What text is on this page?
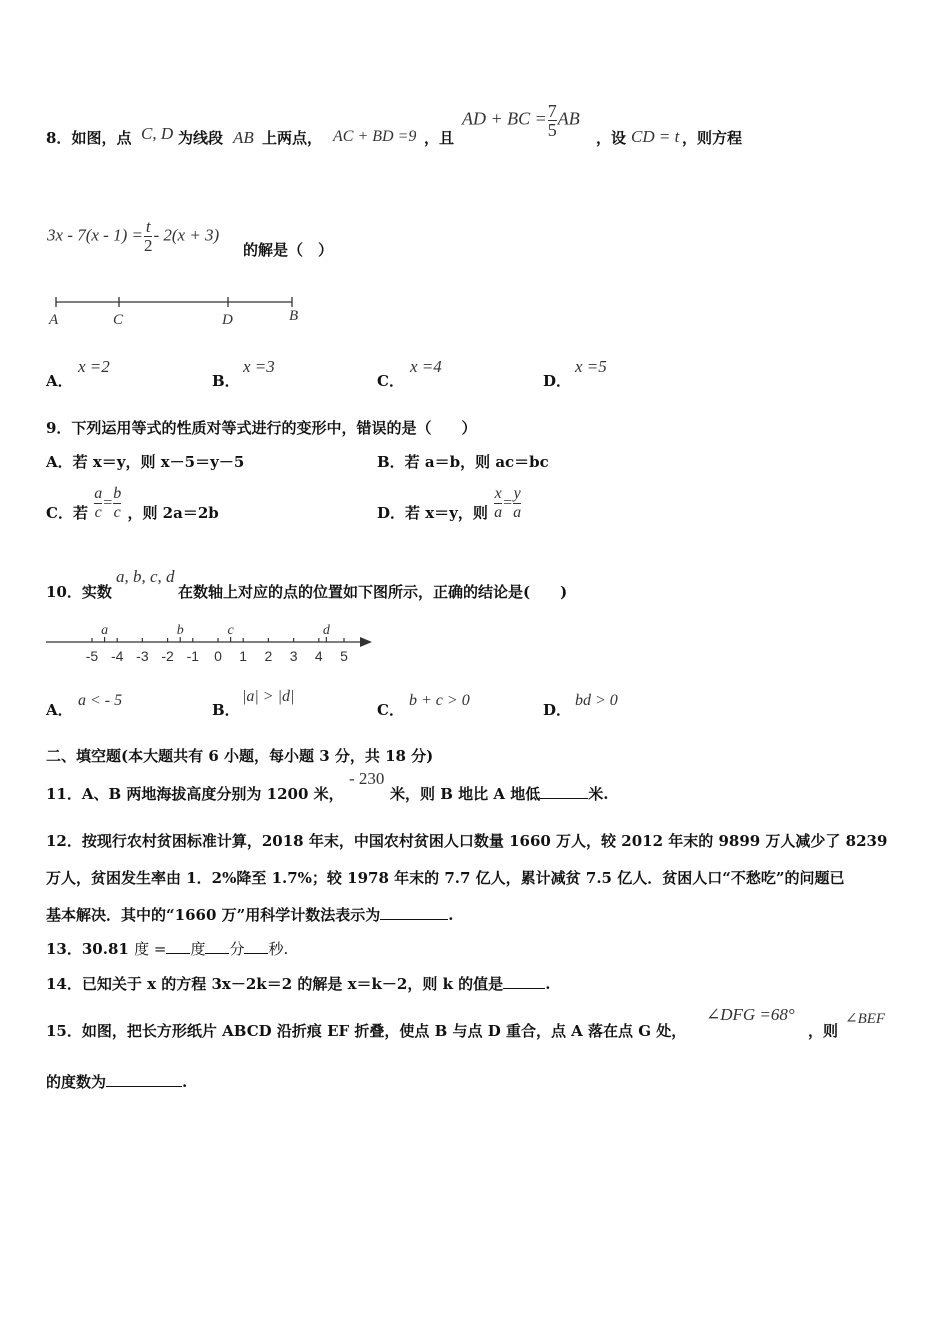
8．如图，点 C, D 为线段 AB 上两点， AC + BD =9 ，且
AD + BC = $\frac{7}{5}$ AB
，设 CD = t ，则方程
$3x - 7(x - 1) = \frac{t}{2} - 2(x + 3)$
的解是（　）
A	C	D	B
A．
x =2
B．
x =3
C．
x =4
D．
x =5
9．下列运用等式的性质对等式进行的变形中，错误的是（　　）
A．若 x＝y，则 x－5＝y－5	B．若 a＝b，则 ac＝bc
C．若 $\frac{a}{c} = \frac{b}{c}$ ，则 2a＝2b	D．若 x＝y，则 $\frac{x}{a} = \frac{y}{a}$
10．实数
a, b, c, d
在数轴上对应的点的位置如下图所示，正确的结论是(　　)
-5 -4 -3 -2 -1 0 1 2 3 4 5
a	b	c	d
A．
a < - 5
B．
|a| > |d|
C．
b + c > 0
D．
bd > 0
二、填空题(本大题共有 6 小题，每小题 3 分，共 18 分)
11．A、B 两地海拔高度分别为 1200 米，
- 230
米，则 B 地比 A 地低	米.
12．按现行农村贫困标准计算，2018 年末，中国农村贫困人口数量 1660 万人，较 2012 年末的 9899 万人减少了 8239
万人，贫困发生率由 1．2%降至 1.7%；较 1978 年末的 7.7 亿人，累计减贫 7.5 亿人．贫困人口“不愁吃”的问题已
基本解决．其中的“1660 万”用科学计数法表示为	.
13．30.81 度 = 度 分 秒.
14．已知关于 x 的方程 3x－2k＝2 的解是 x＝k－2，则 k 的值是	.
15．如图，把长方形纸片 ABCD 沿折痕 EF 折叠，使点 B 与点 D 重合，点 A 落在点 G 处，
∠DFG =68°
，则
∠BEF
的度数为	.
